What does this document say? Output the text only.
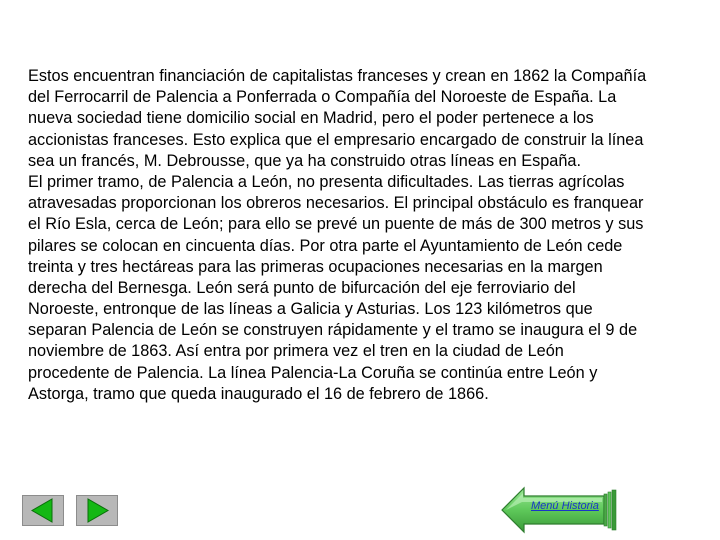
Estos encuentran financiación de capitalistas franceses y crean en 1862 la Compañía
del Ferrocarril de Palencia a Ponferrada o Compañía del Noroeste de España. La
nueva sociedad tiene domicilio social en Madrid, pero el poder pertenece a los
accionistas franceses. Esto explica que el empresario encargado de construir la línea
sea un francés, M. Debrousse, que ya ha construido otras líneas en España.
El primer tramo, de Palencia a León, no presenta dificultades. Las tierras agrícolas
atravesadas proporcionan los obreros necesarios. El principal obstáculo es franquear
el Río Esla, cerca de León; para ello se prevé un puente de más de 300 metros y sus
pilares se colocan en cincuenta días. Por otra parte el Ayuntamiento de León cede
treinta y tres hectáreas para las primeras ocupaciones necesarias en la margen
derecha del Bernesga. León será punto de bifurcación del eje ferroviario del
Noroeste, entronque de las líneas a Galicia y Asturias. Los 123 kilómetros que
separan Palencia de León se construyen rápidamente y el tramo se inaugura el 9 de
noviembre de 1863. Así entra por primera vez el tren en la ciudad de León
procedente de Palencia. La línea Palencia-La Coruña se continúa entre León y
Astorga, tramo que queda inaugurado el 16 de febrero de 1866.
Menú Historia
